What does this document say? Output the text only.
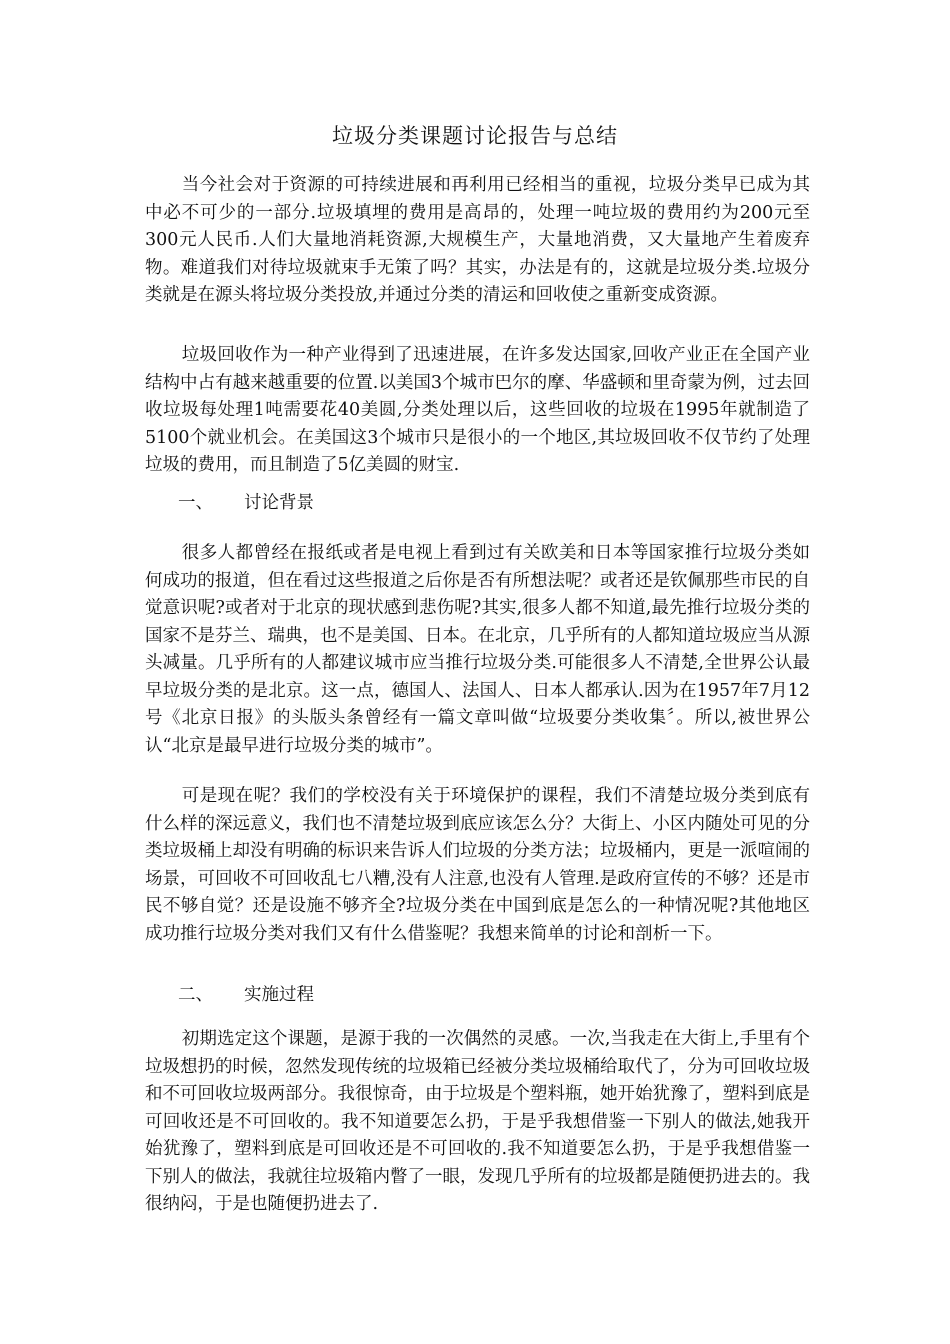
垃圾分类课题讨论报告与总结

当今社会对于资源的可持续进展和再利用已经相当的重视，垃圾分类早已成为其中必不可少的一部分.垃圾填埋的费用是高昂的，处理一吨垃圾的费用约为200元至300元人民币.人们大量地消耗资源,大规模生产，大量地消费，又大量地产生着废弃物。难道我们对待垃圾就束手无策了吗？其实，办法是有的，这就是垃圾分类.垃圾分类就是在源头将垃圾分类投放,并通过分类的清运和回收使之重新变成资源。

垃圾回收作为一种产业得到了迅速进展，在许多发达国家,回收产业正在全国产业结构中占有越来越重要的位置.以美国3个城市巴尔的摩、华盛顿和里奇蒙为例，过去回收垃圾每处理1吨需要花40美圆,分类处理以后，这些回收的垃圾在1995年就制造了5100个就业机会。在美国这3个城市只是很小的一个地区,其垃圾回收不仅节约了处理垃圾的费用，而且制造了5亿美圆的财宝.

一、 讨论背景

很多人都曾经在报纸或者是电视上看到过有关欧美和日本等国家推行垃圾分类如何成功的报道，但在看过这些报道之后你是否有所想法呢？或者还是钦佩那些市民的自觉意识呢?或者对于北京的现状感到悲伤呢?其实,很多人都不知道,最先推行垃圾分类的国家不是芬兰、瑞典，也不是美国、日本。在北京，几乎所有的人都知道垃圾应当从源头减量。几乎所有的人都建议城市应当推行垃圾分类.可能很多人不清楚,全世界公认最早垃圾分类的是北京。这一点，德国人、法国人、日本人都承认.因为在1957年7月12号《北京日报》的头版头条曾经有一篇文章叫做“垃圾要分类收集〞。所以,被世界公认“北京是最早进行垃圾分类的城市”。

可是现在呢？我们的学校没有关于环境保护的课程，我们不清楚垃圾分类到底有什么样的深远意义，我们也不清楚垃圾到底应该怎么分？大街上、小区内随处可见的分类垃圾桶上却没有明确的标识来告诉人们垃圾的分类方法；垃圾桶内，更是一派喧闹的场景，可回收不可回收乱七八糟,没有人注意,也没有人管理.是政府宣传的不够？还是市民不够自觉？还是设施不够齐全?垃圾分类在中国到底是怎么的一种情况呢?其他地区成功推行垃圾分类对我们又有什么借鉴呢？我想来简单的讨论和剖析一下。

二、 实施过程

初期选定这个课题，是源于我的一次偶然的灵感。一次,当我走在大街上,手里有个垃圾想扔的时候，忽然发现传统的垃圾箱已经被分类垃圾桶给取代了，分为可回收垃圾和不可回收垃圾两部分。我很惊奇，由于垃圾是个塑料瓶，她开始犹豫了，塑料到底是可回收还是不可回收的。我不知道要怎么扔，于是乎我想借鉴一下别人的做法,她我开始犹豫了，塑料到底是可回收还是不可回收的.我不知道要怎么扔，于是乎我想借鉴一下别人的做法，我就往垃圾箱内瞥了一眼，发现几乎所有的垃圾都是随便扔进去的。我很纳闷，于是也随便扔进去了.
